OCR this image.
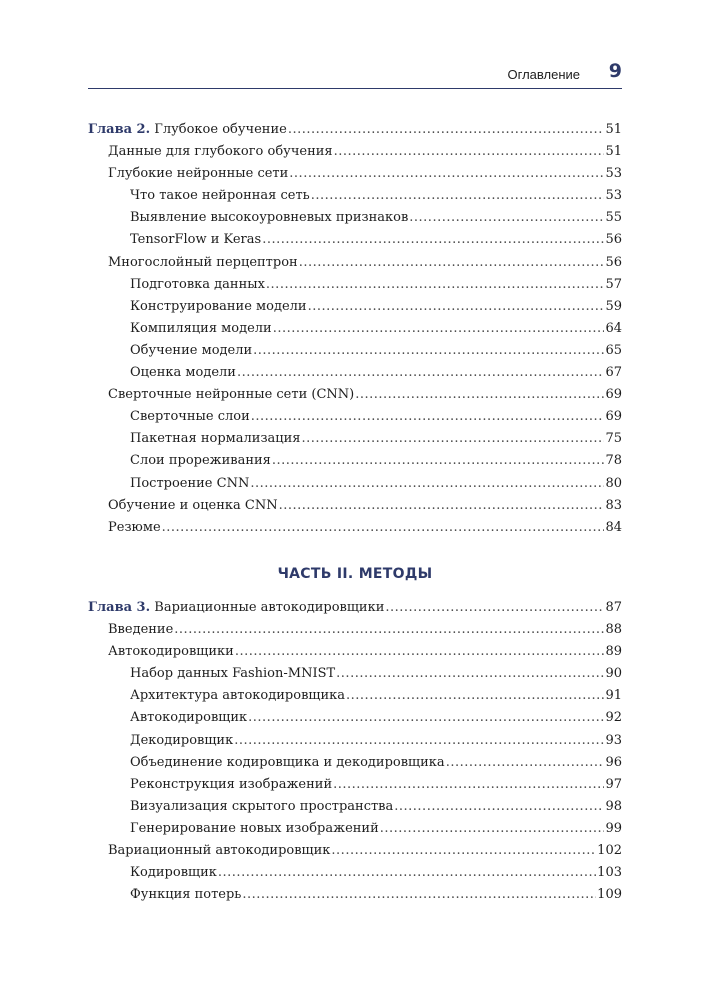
Оглавление 9
Глава 2. Глубокое обучение .....	51
Данные для глубокого обучения .....	51
Глубокие нейронные сети .....	53
Что такое нейронная сеть .....	53
Выявление высокоуровневых признаков .....	55
TensorFlow и Keras .....	56
Многослойный перцептрон .....	56
Подготовка данных .....	57
Конструирование модели .....	59
Компиляция модели .....	64
Обучение модели .....	65
Оценка модели .....	67
Сверточные нейронные сети (CNN) .....	69
Сверточные слои .....	69
Пакетная нормализация .....	75
Слои прореживания .....	78
Построение CNN .....	80
Обучение и оценка CNN .....	83
Резюме .....	84
ЧАСТЬ II. МЕТОДЫ
Глава 3. Вариационные автокодировщики .....	87
Введение .....	88
Автокодировщики .....	89
Набор данных Fashion-MNIST .....	90
Архитектура автокодировщика .....	91
Автокодировщик .....	92
Декодировщик .....	93
Объединение кодировщика и декодировщика .....	96
Реконструкция изображений .....	97
Визуализация скрытого пространства .....	98
Генерирование новых изображений .....	99
Вариационный автокодировщик .....	102
Кодировщик .....	103
Функция потерь .....	109
